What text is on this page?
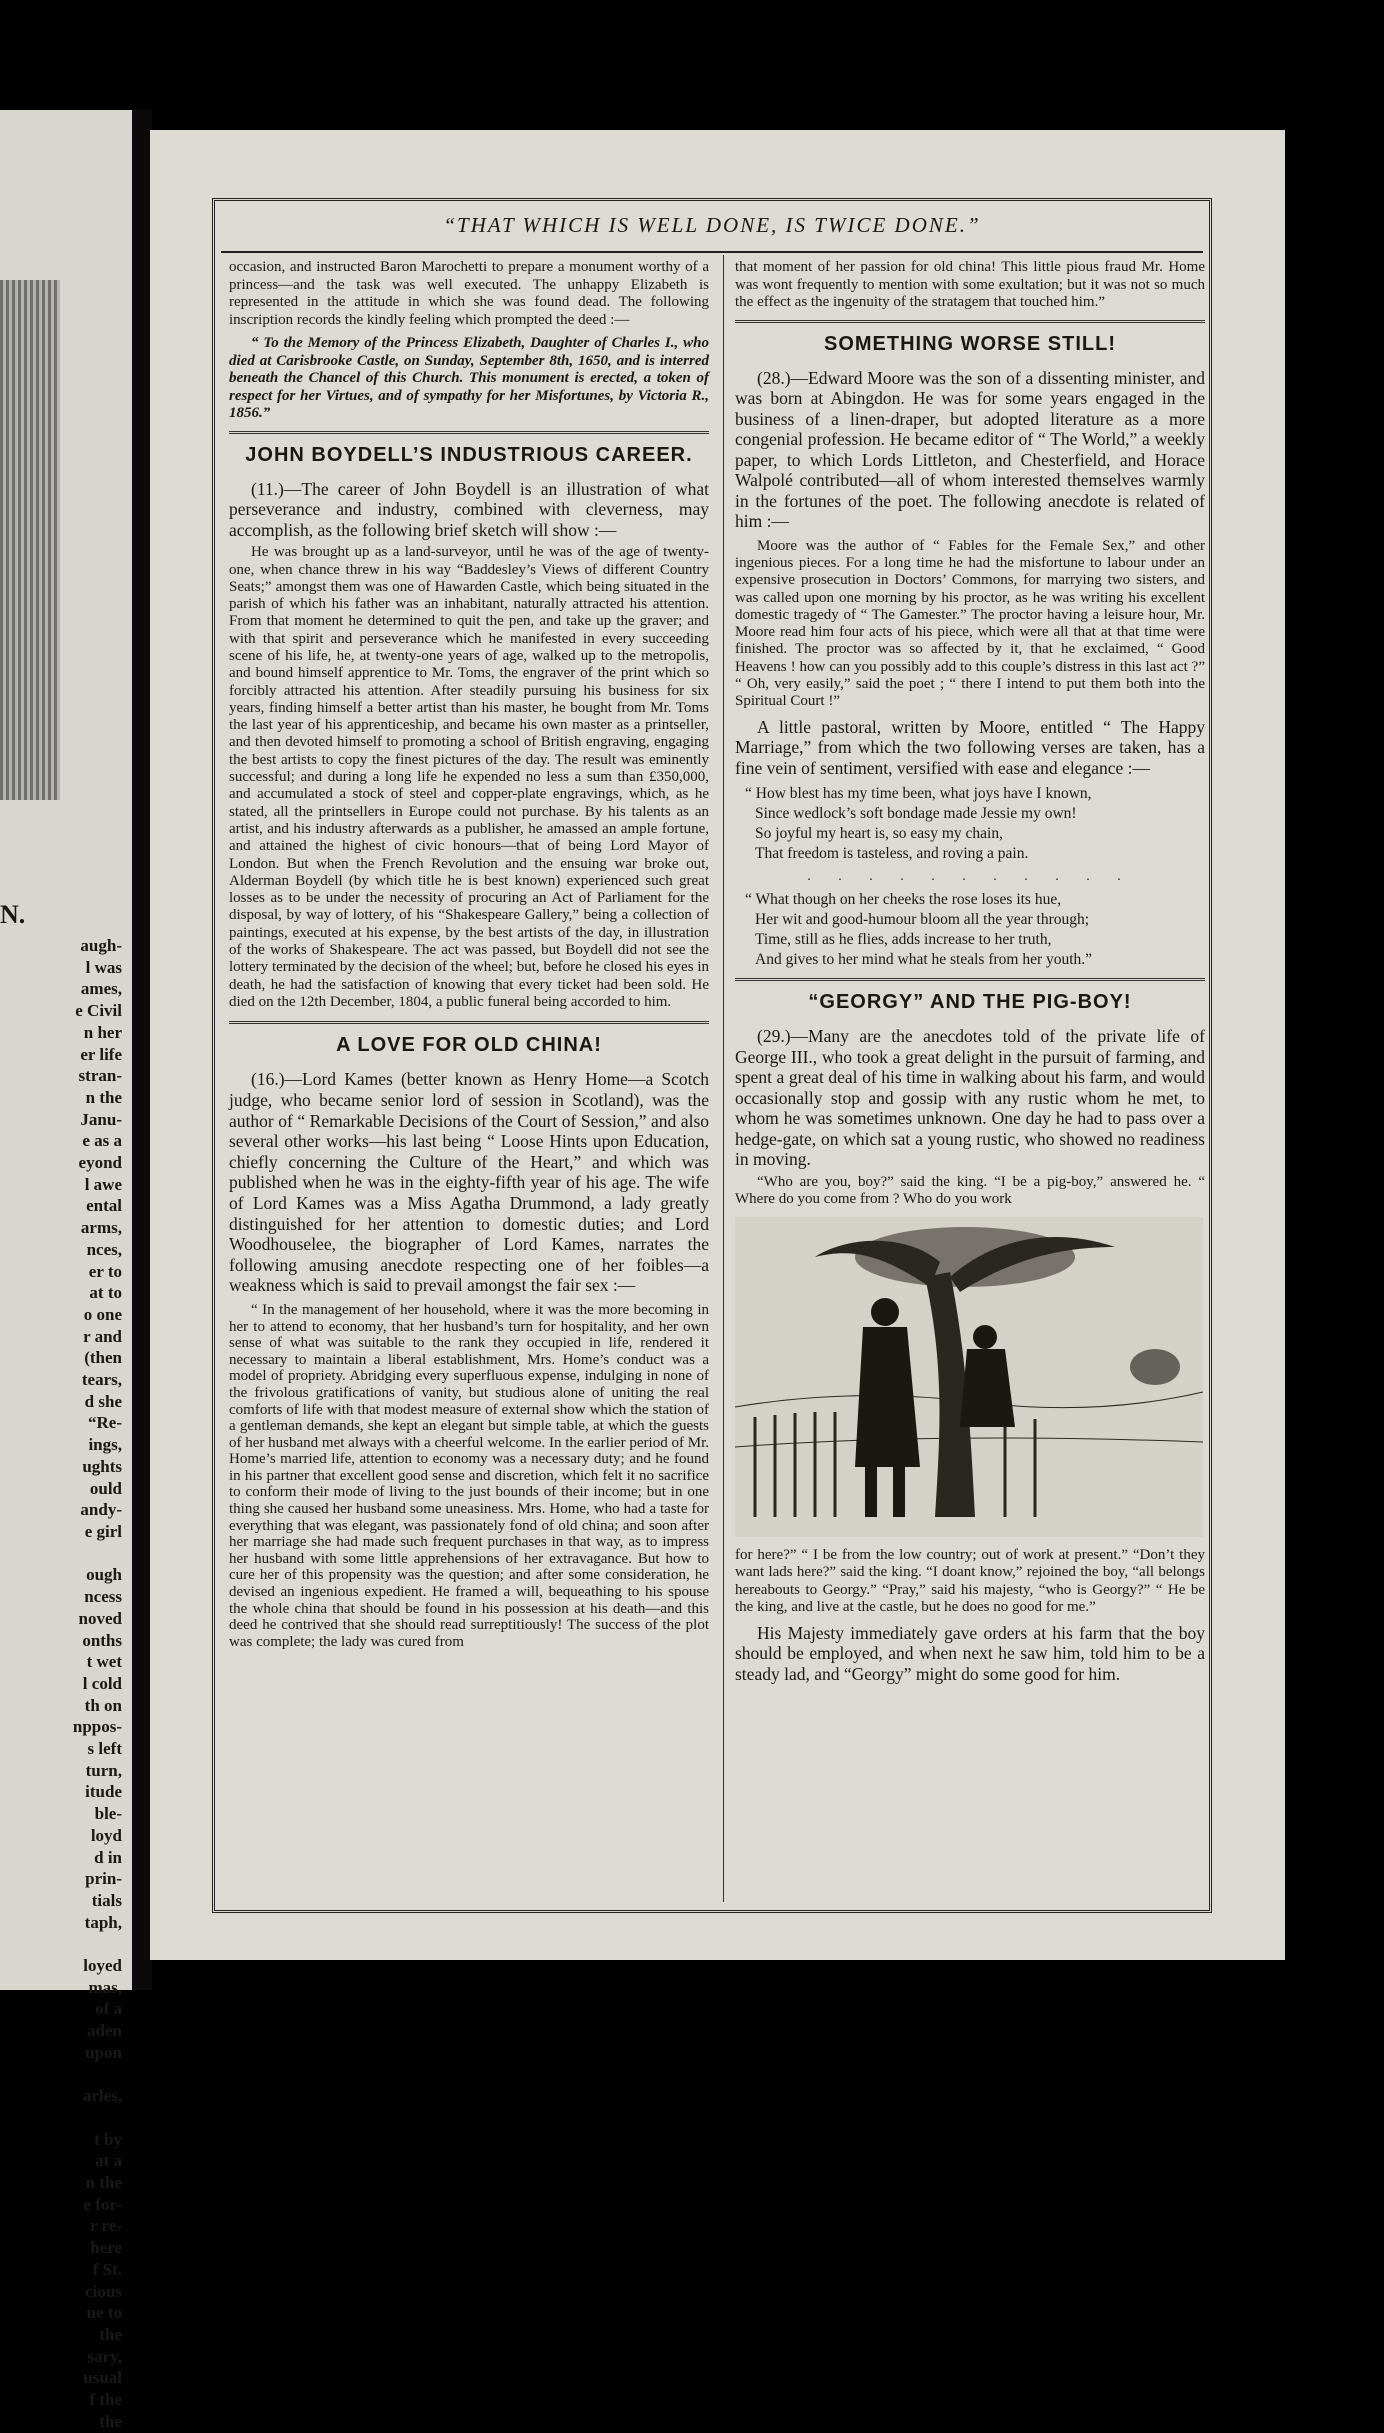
N.
augh-
l was
ames,
e Civil
n her
er life
stran-
n the
Janu-
e as a
eyond
l awe
ental
arms,
nces,
er to
at to
o one
r and
(then
tears,
d she
“Re-
ings,
ughts
ould
andy-
e girl

ough
ncess
noved
onths
t wet
l cold
th on
nppos-
s left
turn,
itude
ble-
loyd
d in
prin-
tials
taph,

loyed
mas,
of a
aden
upon

arles,

t by
at a
n the
e for-
r re-
here
f St.
cious
ue to
the
sary,
usual
f the
the
“THAT WHICH IS WELL DONE, IS TWICE DONE.”

occasion, and instructed Baron Marochetti to prepare a monument worthy of a princess—and the task was well executed. The unhappy Elizabeth is represented in the attitude in which she was found dead. The following inscription records the kindly feeling which prompted the deed :—

“ To the Memory of the Princess Elizabeth, Daughter of Charles I., who died at Carisbrooke Castle, on Sunday, September 8th, 1650, and is interred beneath the Chancel of this Church. This monument is erected, a token of respect for her Virtues, and of sympathy for her Misfortunes, by Victoria R., 1856.”

JOHN BOYDELL’S INDUSTRIOUS CAREER.

(11.)—The career of John Boydell is an illustration of what perseverance and industry, combined with cleverness, may accomplish, as the following brief sketch will show :—

He was brought up as a land-surveyor, until he was of the age of twenty-one, when chance threw in his way “Baddesley’s Views of different Country Seats;” amongst them was one of Hawarden Castle, which being situated in the parish of which his father was an inhabitant, naturally attracted his attention. From that moment he determined to quit the pen, and take up the graver; and with that spirit and perseverance which he manifested in every succeeding scene of his life, he, at twenty-one years of age, walked up to the metropolis, and bound himself apprentice to Mr. Toms, the engraver of the print which so forcibly attracted his attention. After steadily pursuing his business for six years, finding himself a better artist than his master, he bought from Mr. Toms the last year of his apprenticeship, and became his own master as a printseller, and then devoted himself to promoting a school of British engraving, engaging the best artists to copy the finest pictures of the day. The result was eminently successful; and during a long life he expended no less a sum than £350,000, and accumulated a stock of steel and copper-plate engravings, which, as he stated, all the printsellers in Europe could not purchase. By his talents as an artist, and his industry afterwards as a publisher, he amassed an ample fortune, and attained the highest of civic honours—that of being Lord Mayor of London. But when the French Revolution and the ensuing war broke out, Alderman Boydell (by which title he is best known) experienced such great losses as to be under the necessity of procuring an Act of Parliament for the disposal, by way of lottery, of his “Shakespeare Gallery,” being a collection of paintings, executed at his expense, by the best artists of the day, in illustration of the works of Shakespeare. The act was passed, but Boydell did not see the lottery terminated by the decision of the wheel; but, before he closed his eyes in death, he had the satisfaction of knowing that every ticket had been sold. He died on the 12th December, 1804, a public funeral being accorded to him.

A LOVE FOR OLD CHINA!

(16.)—Lord Kames (better known as Henry Home—a Scotch judge, who became senior lord of session in Scotland), was the author of “ Remarkable Decisions of the Court of Session,” and also several other works—his last being “ Loose Hints upon Education, chiefly concerning the Culture of the Heart,” and which was published when he was in the eighty-fifth year of his age. The wife of Lord Kames was a Miss Agatha Drummond, a lady greatly distinguished for her attention to domestic duties; and Lord Woodhouselee, the biographer of Lord Kames, narrates the following amusing anecdote respecting one of her foibles—a weakness which is said to prevail amongst the fair sex :—

“ In the management of her household, where it was the more becoming in her to attend to economy, that her husband’s turn for hospitality, and her own sense of what was suitable to the rank they occupied in life, rendered it necessary to maintain a liberal establishment, Mrs. Home’s conduct was a model of propriety. Abridging every superfluous expense, indulging in none of the frivolous gratifications of vanity, but studious alone of uniting the real comforts of life with that modest measure of external show which the station of a gentleman demands, she kept an elegant but simple table, at which the guests of her husband met always with a cheerful welcome. In the earlier period of Mr. Home’s married life, attention to economy was a necessary duty; and he found in his partner that excellent good sense and discretion, which felt it no sacrifice to conform their mode of living to the just bounds of their income; but in one thing she caused her husband some uneasiness. Mrs. Home, who had a taste for everything that was elegant, was passionately fond of old china; and soon after her marriage she had made such frequent purchases in that way, as to impress her husband with some little apprehensions of her extravagance. But how to cure her of this propensity was the question; and after some consideration, he devised an ingenious expedient. He framed a will, bequeathing to his spouse the whole china that should be found in his possession at his death—and this deed he contrived that she should read surreptitiously! The success of the plot was complete; the lady was cured from

that moment of her passion for old china! This little pious fraud Mr. Home was wont frequently to mention with some exultation; but it was not so much the effect as the ingenuity of the stratagem that touched him.”

SOMETHING WORSE STILL!

(28.)—Edward Moore was the son of a dissenting minister, and was born at Abingdon. He was for some years engaged in the business of a linen-draper, but adopted literature as a more congenial profession. He became editor of “ The World,” a weekly paper, to which Lords Littleton, and Chesterfield, and Horace Walpolé contributed—all of whom interested themselves warmly in the fortunes of the poet. The following anecdote is related of him :—

Moore was the author of “ Fables for the Female Sex,” and other ingenious pieces. For a long time he had the misfortune to labour under an expensive prosecution in Doctors’ Commons, for marrying two sisters, and was called upon one morning by his proctor, as he was writing his excellent domestic tragedy of “ The Gamester.” The proctor having a leisure hour, Mr. Moore read him four acts of his piece, which were all that at that time were finished. The proctor was so affected by it, that he exclaimed, “ Good Heavens ! how can you possibly add to this couple’s distress in this last act ?” “ Oh, very easily,” said the poet ; “ there I intend to put them both into the Spiritual Court !”

A little pastoral, written by Moore, entitled “ The Happy Marriage,” from which the two following verses are taken, has a fine vein of sentiment, versified with ease and elegance :—

“ How blest has my time been, what joys have I known,
Since wedlock’s soft bondage made Jessie my own!
So joyful my heart is, so easy my chain,
That freedom is tasteless, and roving a pain.
. . . . . . . . . . .
“ What though on her cheeks the rose loses its hue,
Her wit and good-humour bloom all the year through;
Time, still as he flies, adds increase to her truth,
And gives to her mind what he steals from her youth.”
“GEORGY” AND THE PIG-BOY!

(29.)—Many are the anecdotes told of the private life of George III., who took a great delight in the pursuit of farming, and spent a great deal of his time in walking about his farm, and would occasionally stop and gossip with any rustic whom he met, to whom he was sometimes unknown. One day he had to pass over a hedge-gate, on which sat a young rustic, who showed no readiness in moving.

“Who are you, boy?” said the king. “I be a pig-boy,” answered he. “ Where do you come from ? Who do you work

for here?” “ I be from the low country; out of work at present.” “Don’t they want lads here?” said the king. “I doant know,” rejoined the boy, “all belongs hereabouts to Georgy.” “Pray,” said his majesty, “who is Georgy?” “ He be the king, and live at the castle, but he does no good for me.”

His Majesty immediately gave orders at his farm that the boy should be employed, and when next he saw him, told him to be a steady lad, and “Georgy” might do some good for him.
